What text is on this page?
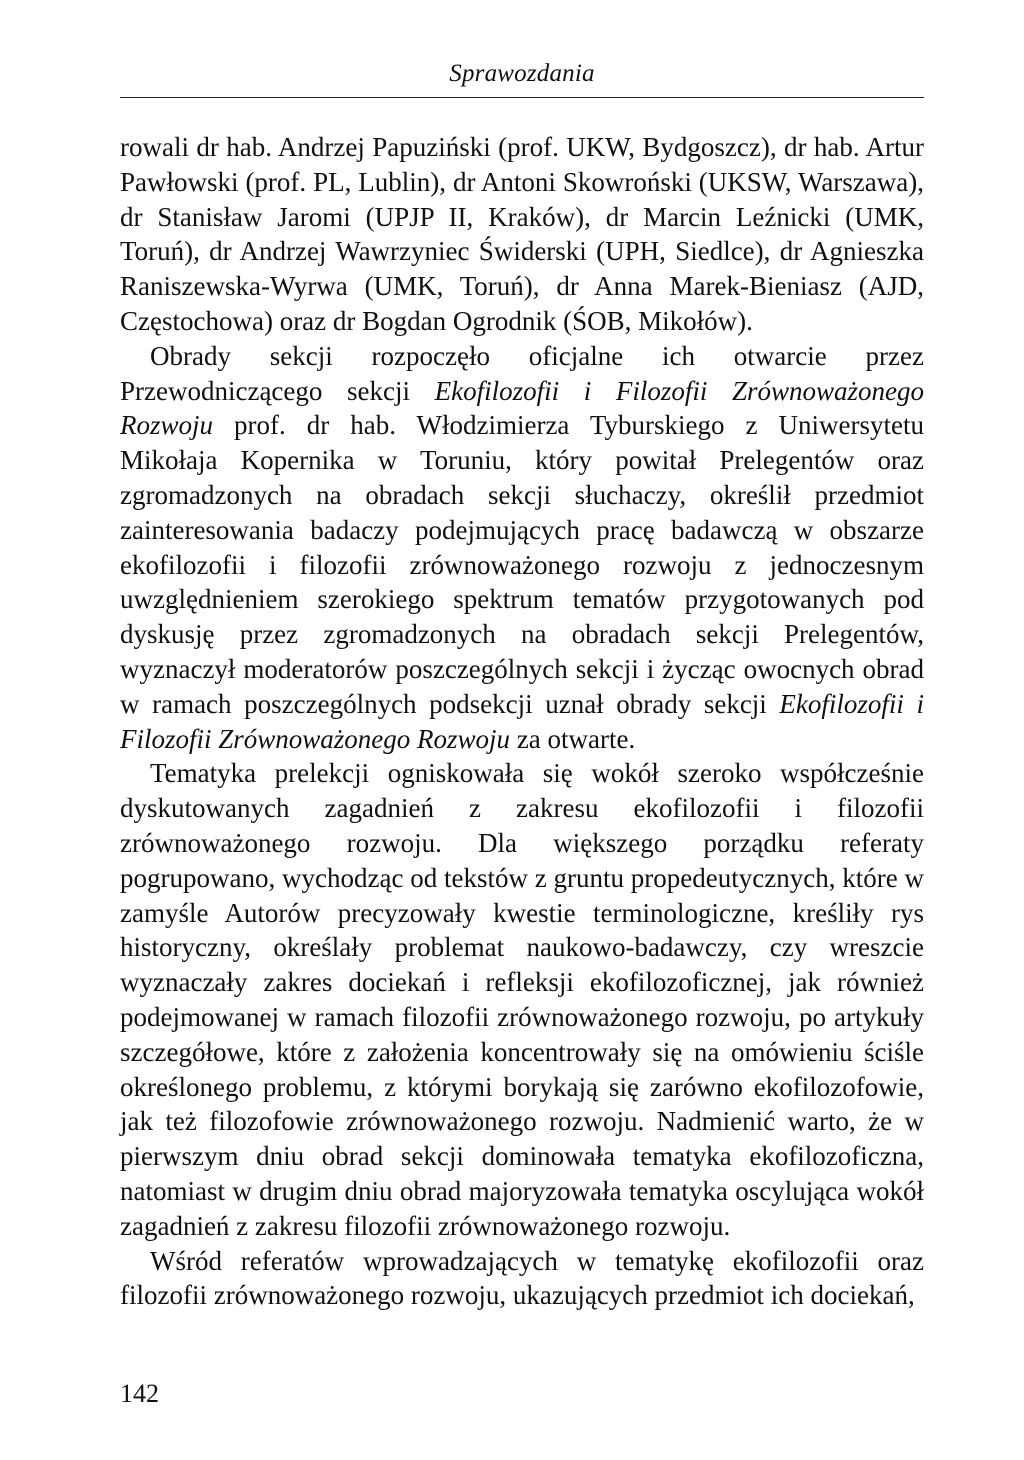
Sprawozdania

rowali dr hab. Andrzej Papuziński (prof. UKW, Bydgoszcz), dr hab. Artur Pawłowski (prof. PL, Lublin), dr Antoni Skowroński (UKSW, Warszawa), dr Stanisław Jaromi (UPJP II, Kraków), dr Marcin Leźnicki (UMK, Toruń), dr Andrzej Wawrzyniec Świderski (UPH, Siedlce), dr Agnieszka Raniszewska-Wyrwa (UMK, Toruń), dr Anna Marek-Bieniasz (AJD, Częstochowa) oraz dr Bogdan Ogrodnik (ŚOB, Mikołów).

Obrady sekcji rozpoczęło oficjalne ich otwarcie przez Przewodniczącego sekcji Ekofilozofii i Filozofii Zrównoważonego Rozwoju prof. dr hab. Włodzimierza Tyburskiego z Uniwersytetu Mikołaja Kopernika w Toruniu, który powitał Prelegentów oraz zgromadzonych na obradach sekcji słuchaczy, określił przedmiot zainteresowania badaczy podejmujących pracę badawczą w obszarze ekofilozofii i filozofii zrównoważonego rozwoju z jednoczesnym uwzględnieniem szerokiego spektrum tematów przygotowanych pod dyskusję przez zgromadzonych na obradach sekcji Prelegentów, wyznaczył moderatorów poszczególnych sekcji i życząc owocnych obrad w ramach poszczególnych podsekcji uznał obrady sekcji Ekofilozofii i Filozofii Zrównoważonego Rozwoju za otwarte.

Tematyka prelekcji ogniskowała się wokół szeroko współcześnie dyskutowanych zagadnień z zakresu ekofilozofii i filozofii zrównoważonego rozwoju. Dla większego porządku referaty pogrupowano, wychodząc od tekstów z gruntu propedeutycznych, które w zamyśle Autorów precyzowały kwestie terminologiczne, kreśliły rys historyczny, określały problemat naukowo-badawczy, czy wreszcie wyznaczały zakres dociekań i refleksji ekofilozoficznej, jak również podejmowanej w ramach filozofii zrównoważonego rozwoju, po artykuły szczegółowe, które z założenia koncentrowały się na omówieniu ściśle określonego problemu, z którymi borykają się zarówno ekofilozofowie, jak też filozofowie zrównoważonego rozwoju. Nadmienić warto, że w pierwszym dniu obrad sekcji dominowała tematyka ekofilozoficzna, natomiast w drugim dniu obrad majoryzowała tematyka oscylująca wokół zagadnień z zakresu filozofii zrównoważonego rozwoju.

Wśród referatów wprowadzających w tematykę ekofilozofii oraz filozofii zrównoważonego rozwoju, ukazujących przedmiot ich dociekań,

142
